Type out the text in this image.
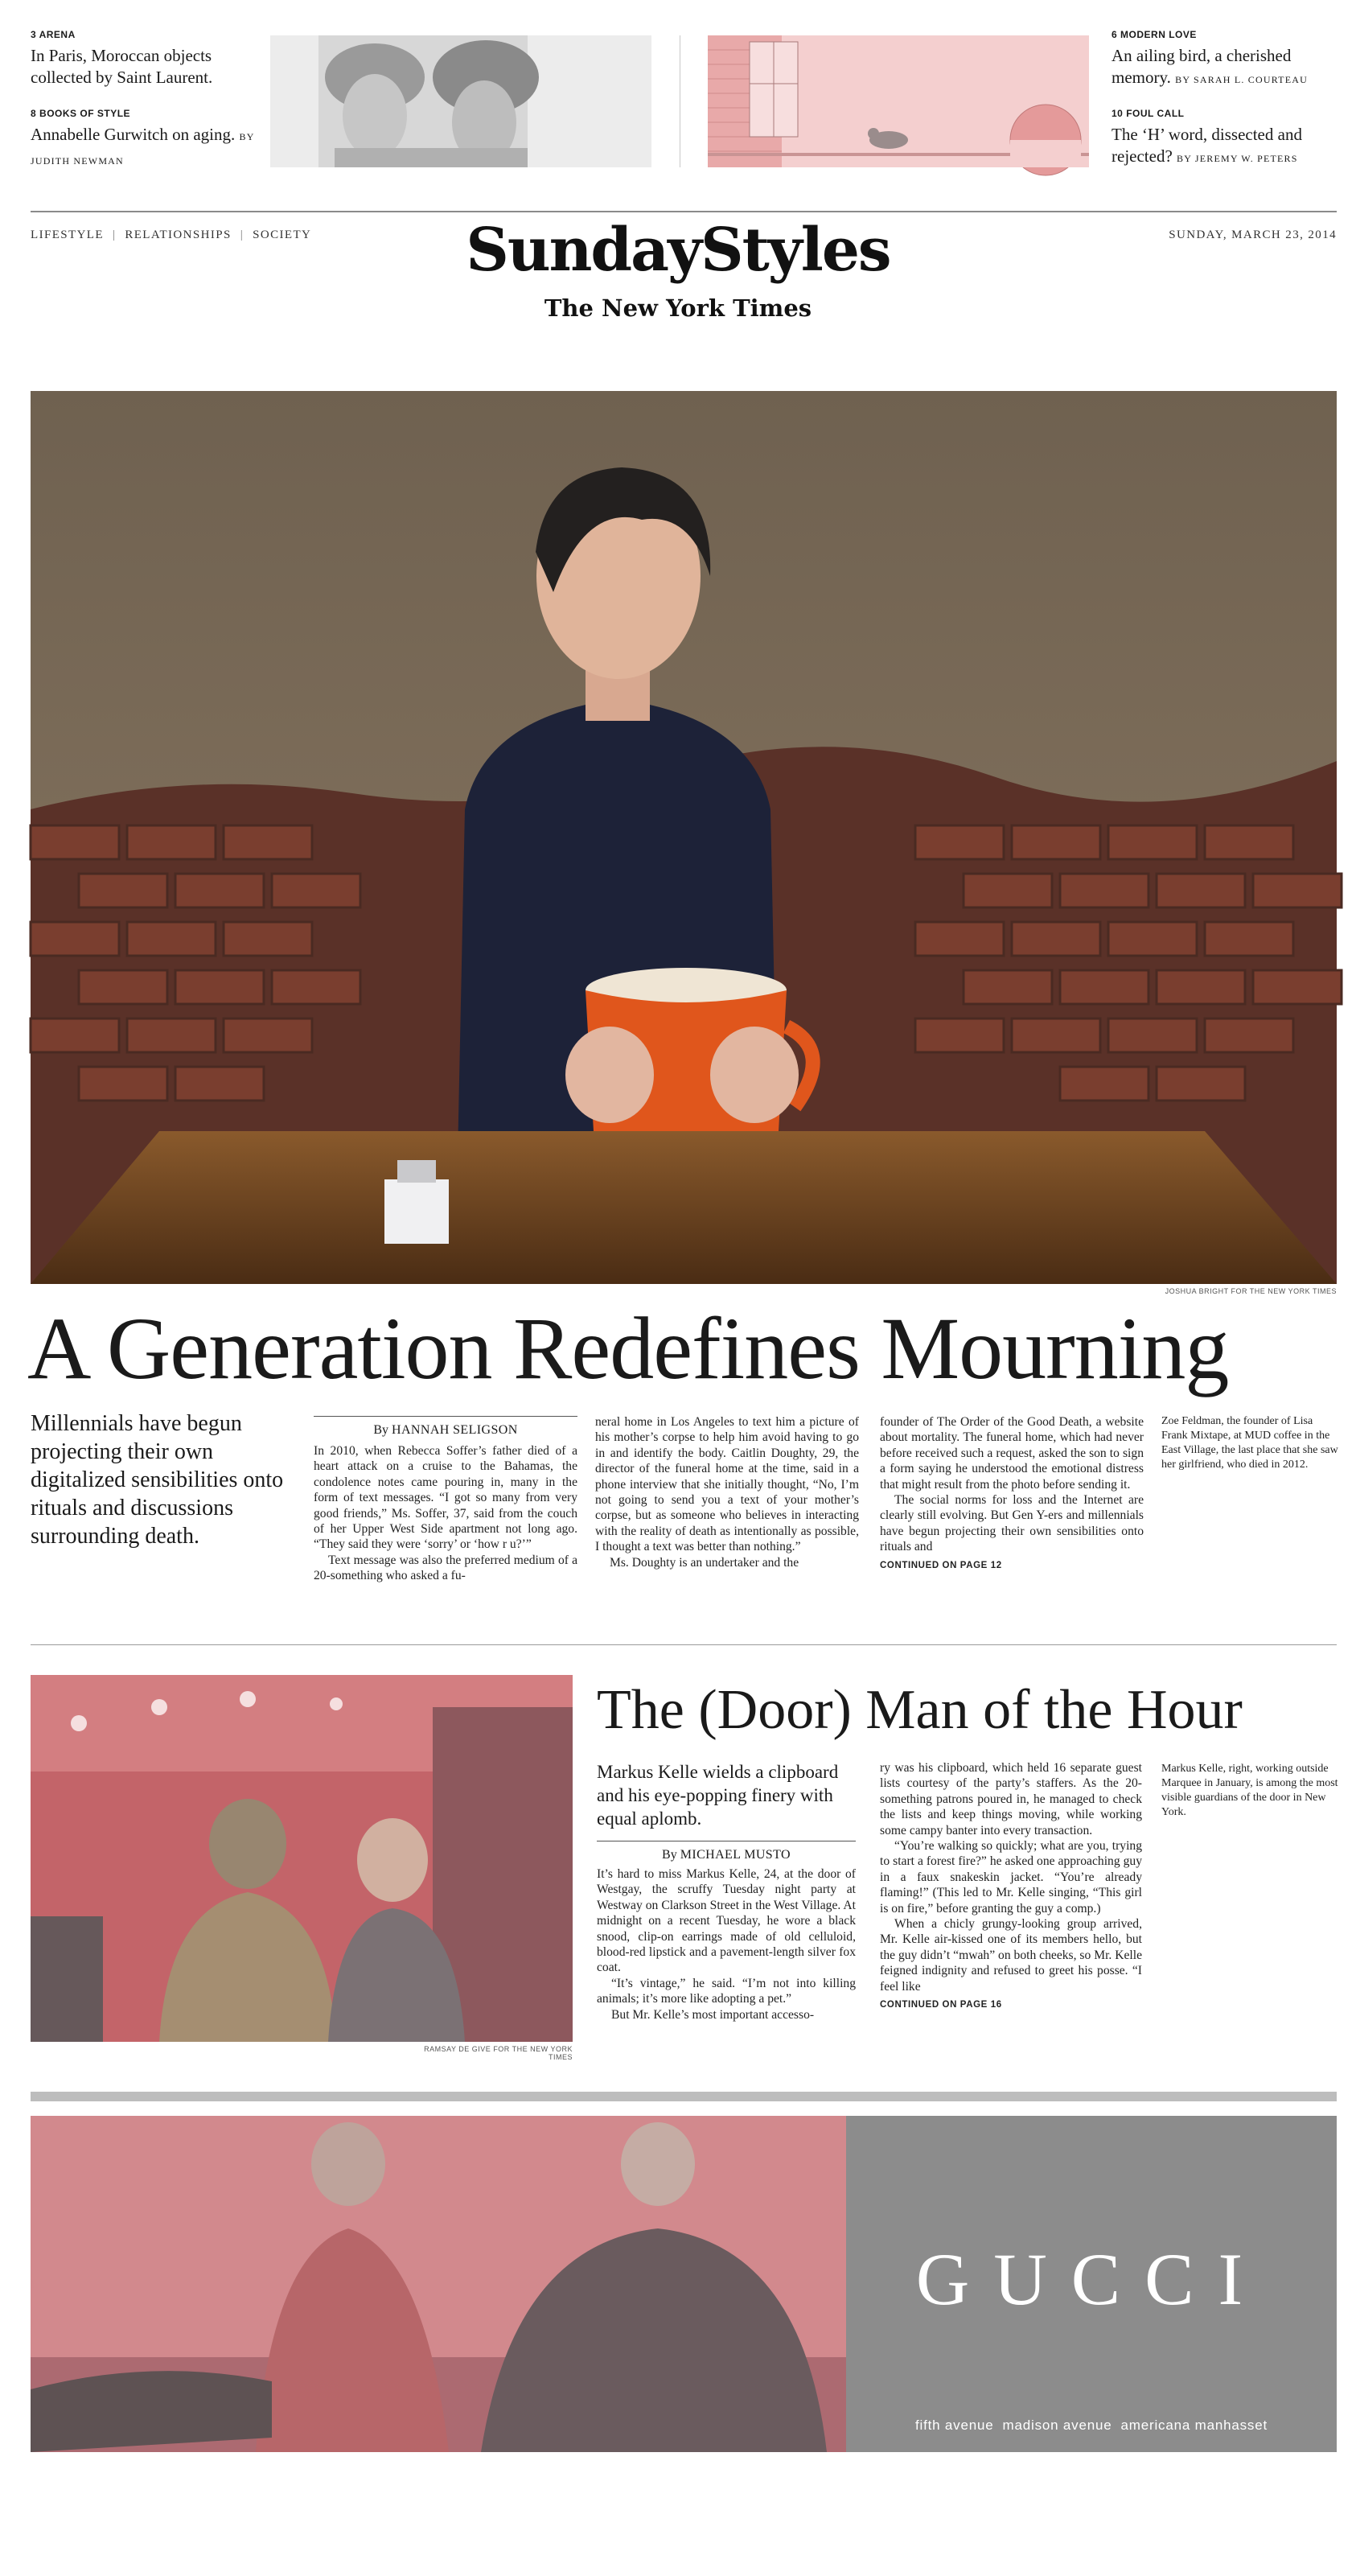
3 ARENA
In Paris, Moroccan objects collected by Saint Laurent.
8 BOOKS OF STYLE
Annabelle Gurwitch on aging. BY JUDITH NEWMAN
6 MODERN LOVE
An ailing bird, a cherished memory. BY SARAH L. COURTEAU
10 FOUL CALL
The ‘H’ word, dissected and rejected? BY JEREMY W. PETERS
LIFESTYLE | RELATIONSHIPS | SOCIETY	SundayStyles
The New York Times
SUNDAY, MARCH 23, 2014
JOSHUA BRIGHT FOR THE NEW YORK TIMES
A Generation Redefines Mourning
Millennials have begun projecting their own digitalized sensibilities onto rituals and discussions surrounding death.
By HANNAH SELIGSON

In 2010, when Rebecca Soffer’s father died of a heart attack on a cruise to the Bahamas, the condolence notes came pouring in, many in the form of text messages. “I got so many from very good friends,” Ms. Soffer, 37, said from the couch of her Upper West Side apartment not long ago. “They said they were ‘sorry’ or ‘how r u?’”

Text message was also the preferred medium of a 20-something who asked a fu-

neral home in Los Angeles to text him a picture of his mother’s corpse to help him avoid having to go in and identify the body. Caitlin Doughty, 29, the director of the funeral home at the time, said in a phone interview that she initially thought, “No, I’m not going to send you a text of your mother’s corpse, but as someone who believes in interacting with the reality of death as intentionally as possible, I thought a text was better than nothing.”

Ms. Doughty is an undertaker and the

founder of The Order of the Good Death, a website about mortality. The funeral home, which had never before received such a request, asked the son to sign a form saying he understood the emotional distress that might result from the photo before sending it.

The social norms for loss and the Internet are clearly still evolving. But Gen Y-ers and millennials have begun projecting their own sensibilities onto rituals and

CONTINUED ON PAGE 12
Zoe Feldman, the founder of Lisa Frank Mixtape, at MUD coffee in the East Village, the last place that she saw her girlfriend, who died in 2012.
RAMSAY DE GIVE FOR THE NEW YORK TIMES
The (Door) Man of the Hour
Markus Kelle wields a clipboard and his eye-popping finery with equal aplomb.
By MICHAEL MUSTO

It’s hard to miss Markus Kelle, 24, at the door of Westgay, the scruffy Tuesday night party at Westway on Clarkson Street in the West Village. At midnight on a recent Tuesday, he wore a black snood, clip-on earrings made of old celluloid, blood-red lipstick and a pavement-length silver fox coat.

“It’s vintage,” he said. “I’m not into killing animals; it’s more like adopting a pet.”

But Mr. Kelle’s most important accesso-

ry was his clipboard, which held 16 separate guest lists courtesy of the party’s staffers. As the 20-something patrons poured in, he managed to check the lists and keep things moving, while working some campy banter into every transaction.

“You’re walking so quickly; what are you, trying to start a forest fire?” he asked one approaching guy in a faux snakeskin jacket. “You’re already flaming!” (This led to Mr. Kelle singing, “This girl is on fire,” before granting the guy a comp.)

When a chicly grungy-looking group arrived, Mr. Kelle air-kissed one of its members hello, but the guy didn’t “mwah” on both cheeks, so Mr. Kelle feigned indignity and refused to greet his posse. “I feel like

CONTINUED ON PAGE 16
Markus Kelle, right, working outside Marquee in January, is among the most visible guardians of the door in New York.
GUCCI

fifth avenue  madison avenue  americana manhasset

garden state plaza  the mall at short hills  the westchester

shop gucci.com
